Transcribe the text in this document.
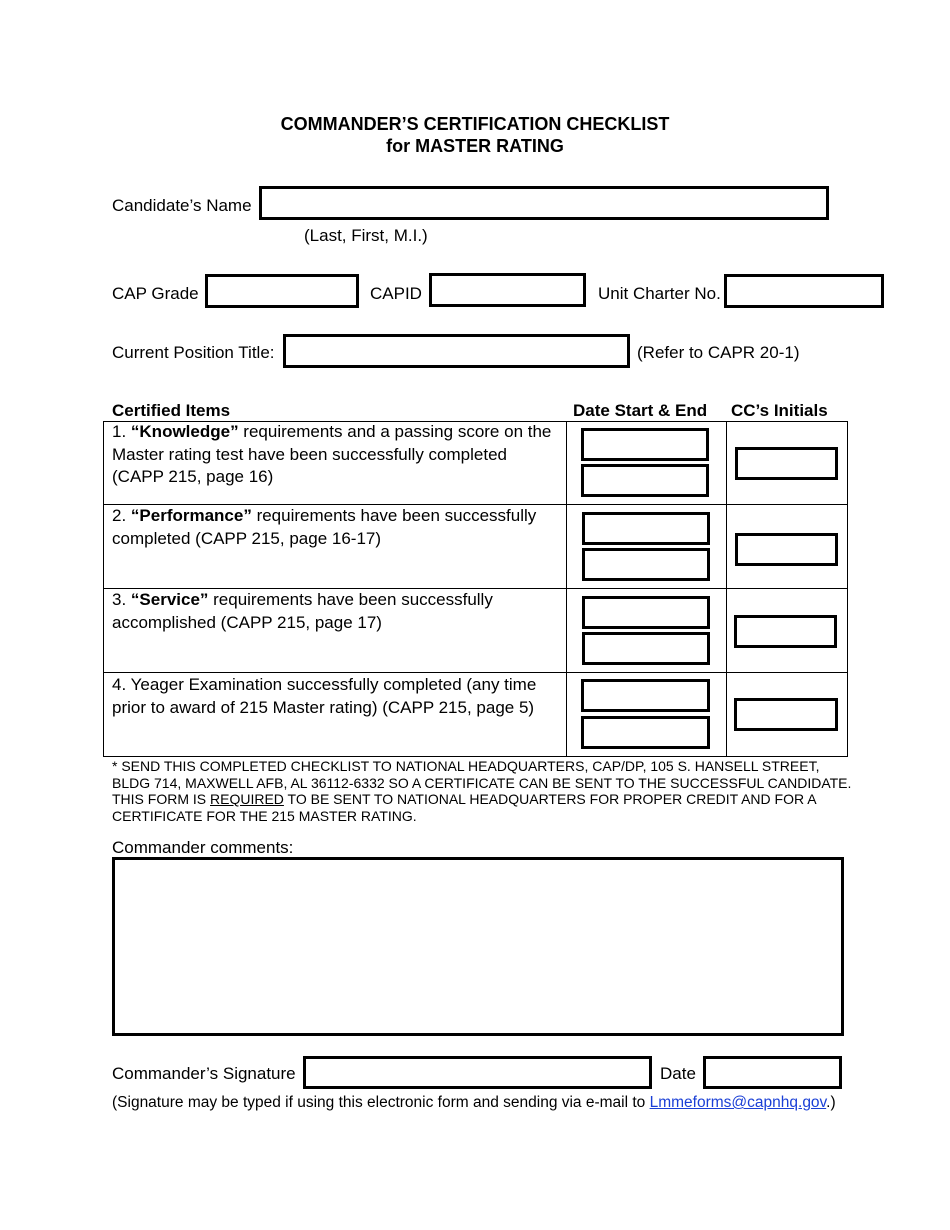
COMMANDER’S CERTIFICATION CHECKLIST
for MASTER RATING
Candidate’s Name
(Last, First, M.I.)
CAP Grade	CAPID	Unit Charter No.
Current Position Title:	(Refer to CAPR 20-1)
Certified Items	Date Start & End CC’s Initials
1. “Knowledge” requirements and a passing score on the Master rating test have been successfully completed (CAPP 215, page 16)
2. “Performance” requirements have been successfully completed (CAPP 215, page 16-17)
3. “Service” requirements have been successfully accomplished (CAPP 215, page 17)
4. Yeager Examination successfully completed (any time prior to award of 215 Master rating) (CAPP 215, page 5)
* SEND THIS COMPLETED CHECKLIST TO NATIONAL HEADQUARTERS, CAP/DP, 105 S. HANSELL STREET, BLDG 714, MAXWELL AFB, AL 36112-6332 SO A CERTIFICATE CAN BE SENT TO THE SUCCESSFUL CANDIDATE. THIS FORM IS REQUIRED TO BE SENT TO NATIONAL HEADQUARTERS FOR PROPER CREDIT AND FOR A CERTIFICATE FOR THE 215 MASTER RATING.
Commander comments:
Commander’s Signature	Date
(Signature may be typed if using this electronic form and sending via e-mail to Lmmeforms@capnhq.gov.)
